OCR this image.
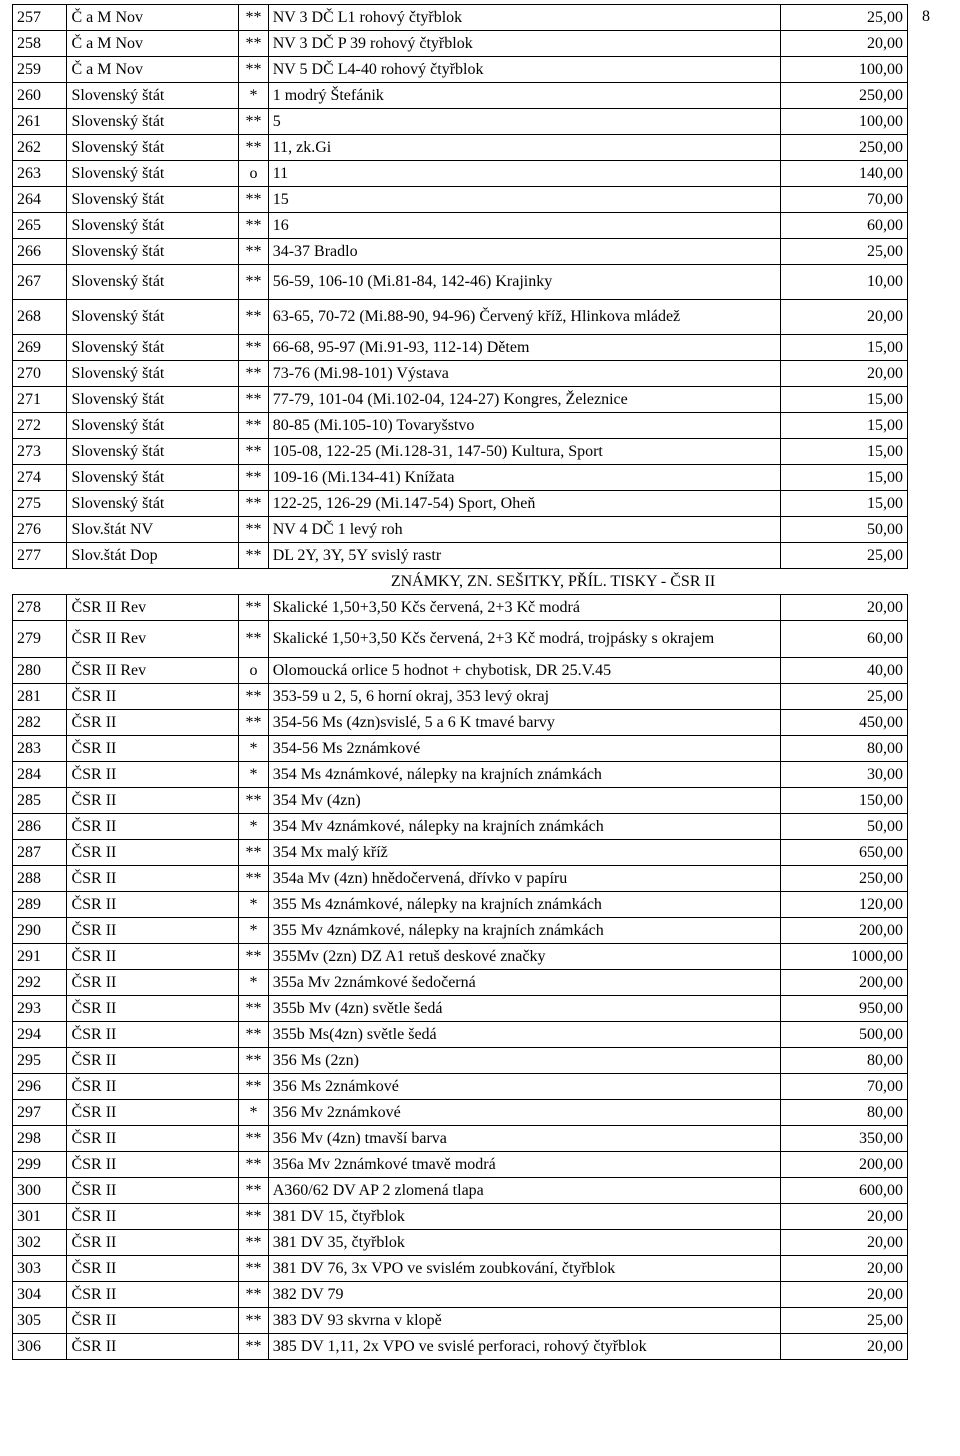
8
257	Č a M Nov	**	NV 3 DČ L1 rohový čtyřblok	25,00
258	Č a M Nov	**	NV 3 DČ P 39 rohový čtyřblok	20,00
259	Č a M Nov	**	NV 5 DČ L4-40 rohový čtyřblok	100,00
260	Slovenský štát	*	1 modrý Štefánik	250,00
261	Slovenský štát	**	5	100,00
262	Slovenský štát	**	11, zk.Gi	250,00
263	Slovenský štát	o	11	140,00
264	Slovenský štát	**	15	70,00
265	Slovenský štát	**	16	60,00
266	Slovenský štát	**	34-37 Bradlo	25,00
267	Slovenský štát	**	56-59, 106-10 (Mi.81-84, 142-46) Krajinky	10,00
268	Slovenský štát	**	63-65, 70-72 (Mi.88-90, 94-96) Červený kříž, Hlinkova mládež	20,00
269	Slovenský štát	**	66-68, 95-97 (Mi.91-93, 112-14) Dětem	15,00
270	Slovenský štát	**	73-76 (Mi.98-101) Výstava	20,00
271	Slovenský štát	**	77-79, 101-04 (Mi.102-04, 124-27) Kongres, Železnice	15,00
272	Slovenský štát	**	80-85 (Mi.105-10) Tovaryšstvo	15,00
273	Slovenský štát	**	105-08, 122-25 (Mi.128-31, 147-50) Kultura, Sport	15,00
274	Slovenský štát	**	109-16 (Mi.134-41) Knížata	15,00
275	Slovenský štát	**	122-25, 126-29 (Mi.147-54) Sport, Oheň	15,00
276	Slov.štát NV	**	NV 4 DČ 1 levý roh	50,00
277	Slov.štát Dop	**	DL 2Y, 3Y, 5Y svislý rastr	25,00
ZNÁMKY, ZN. SEŠITKY, PŘÍL. TISKY - ČSR II				
278	ČSR II Rev	**	Skalické 1,50+3,50 Kčs červená, 2+3 Kč modrá	20,00
279	ČSR II Rev	**	Skalické 1,50+3,50 Kčs červená, 2+3 Kč modrá, trojpásky s okrajem	60,00
280	ČSR II Rev	o	Olomoucká orlice 5 hodnot + chybotisk, DR 25.V.45	40,00
281	ČSR II	**	353-59 u 2, 5, 6 horní okraj, 353 levý okraj	25,00
282	ČSR II	**	354-56 Ms (4zn)svislé, 5 a 6 K tmavé barvy	450,00
283	ČSR II	*	354-56 Ms 2známkové	80,00
284	ČSR II	*	354 Ms 4známkové, nálepky na krajních známkách	30,00
285	ČSR II	**	354 Mv (4zn)	150,00
286	ČSR II	*	354 Mv 4známkové, nálepky na krajních známkách	50,00
287	ČSR II	**	354 Mx malý kříž	650,00
288	ČSR II	**	354a Mv (4zn) hnědočervená, dřívko v papíru	250,00
289	ČSR II	*	355 Ms 4známkové, nálepky na krajních známkách	120,00
290	ČSR II	*	355 Mv 4známkové, nálepky na krajních známkách	200,00
291	ČSR II	**	355Mv (2zn) DZ A1 retuš deskové značky	1000,00
292	ČSR II	*	355a Mv 2známkové šedočerná	200,00
293	ČSR II	**	355b Mv (4zn) světle šedá	950,00
294	ČSR II	**	355b Ms(4zn) světle šedá	500,00
295	ČSR II	**	356 Ms (2zn)	80,00
296	ČSR II	**	356 Ms 2známkové	70,00
297	ČSR II	*	356 Mv 2známkové	80,00
298	ČSR II	**	356 Mv (4zn) tmavší barva	350,00
299	ČSR II	**	356a Mv 2známkové tmavě modrá	200,00
300	ČSR II	**	A360/62 DV AP 2 zlomená tlapa	600,00
301	ČSR II	**	381 DV 15, čtyřblok	20,00
302	ČSR II	**	381 DV 35, čtyřblok	20,00
303	ČSR II	**	381 DV 76, 3x VPO ve svislém zoubkování, čtyřblok	20,00
304	ČSR II	**	382 DV 79	20,00
305	ČSR II	**	383 DV 93 skvrna v klopě	25,00
306	ČSR II	**	385 DV 1,11, 2x VPO ve svislé perforaci, rohový čtyřblok	20,00
